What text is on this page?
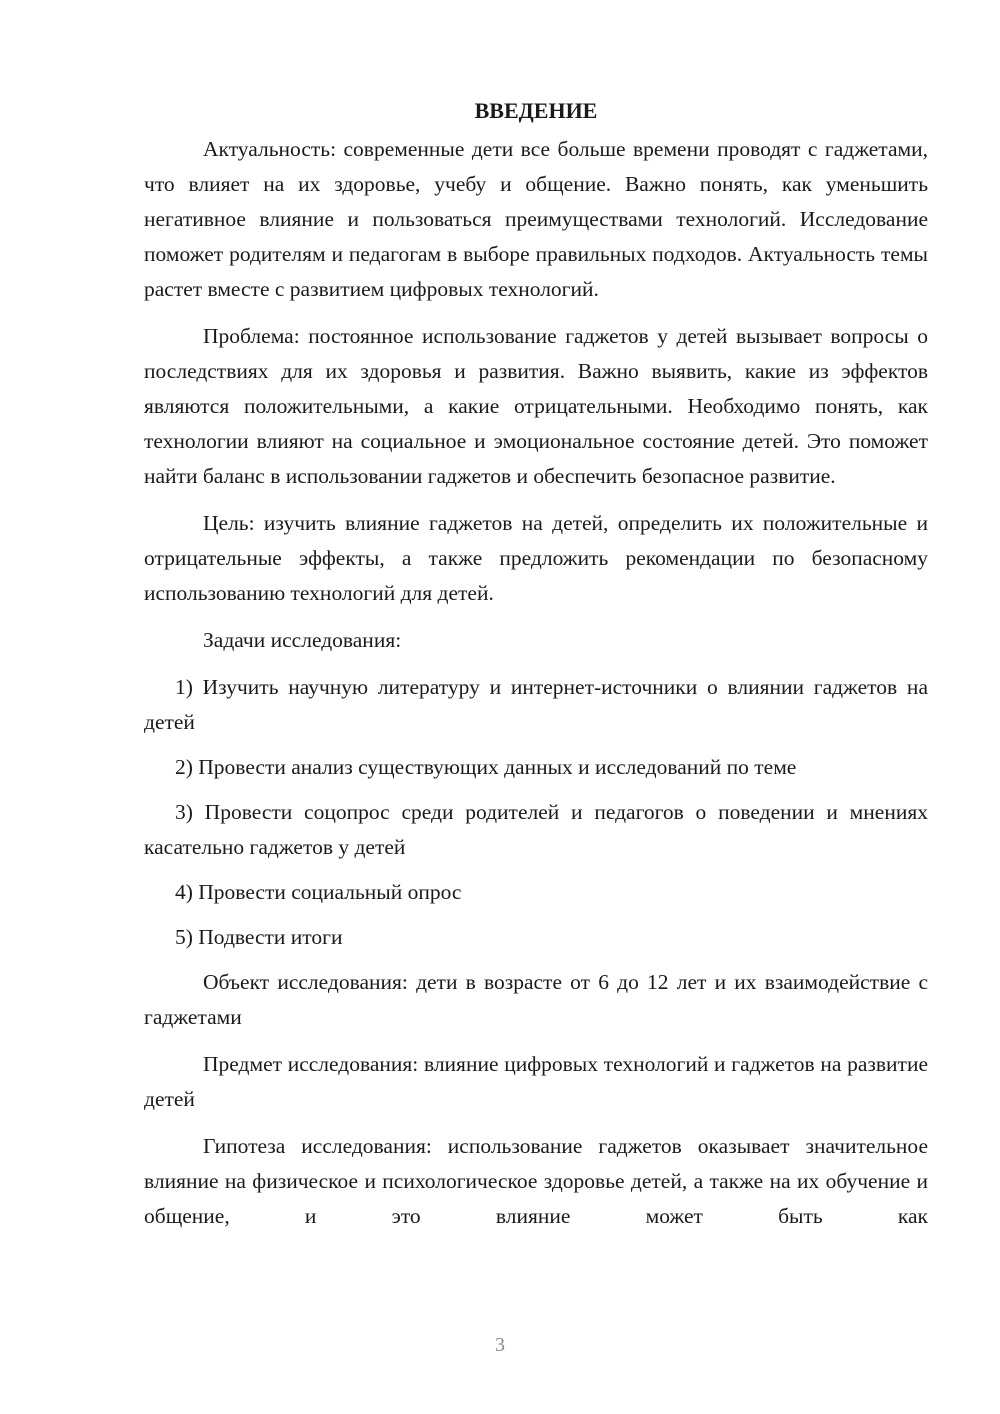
ВВЕДЕНИЕ

Актуальность: современные дети все больше времени проводят с гаджетами, что влияет на их здоровье, учебу и общение. Важно понять, как уменьшить негативное влияние и пользоваться преимуществами технологий. Исследование поможет родителям и педагогам в выборе правильных подходов. Актуальность темы растет вместе с развитием цифровых технологий.

Проблема: постоянное использование гаджетов у детей вызывает вопросы о последствиях для их здоровья и развития. Важно выявить, какие из эффектов являются положительными, а какие отрицательными. Необходимо понять, как технологии влияют на социальное и эмоциональное состояние детей. Это поможет найти баланс в использовании гаджетов и обеспечить безопасное развитие.

Цель: изучить влияние гаджетов на детей, определить их положительные и отрицательные эффекты, а также предложить рекомендации по безопасному использованию технологий для детей.

Задачи исследования:

1) Изучить научную литературу и интернет-источники о влиянии гаджетов на детей

2) Провести анализ существующих данных и исследований по теме

3) Провести соцопрос среди родителей и педагогов о поведении и мнениях касательно гаджетов у детей

4) Провести социальный опрос

5) Подвести итоги

Объект исследования: дети в возрасте от 6 до 12 лет и их взаимодействие с гаджетами

Предмет исследования: влияние цифровых технологий и гаджетов на развитие детей

Гипотеза исследования: использование гаджетов оказывает значительное влияние на физическое и психологическое здоровье детей, а также на их обучение и общение, и это влияние может быть как

3
